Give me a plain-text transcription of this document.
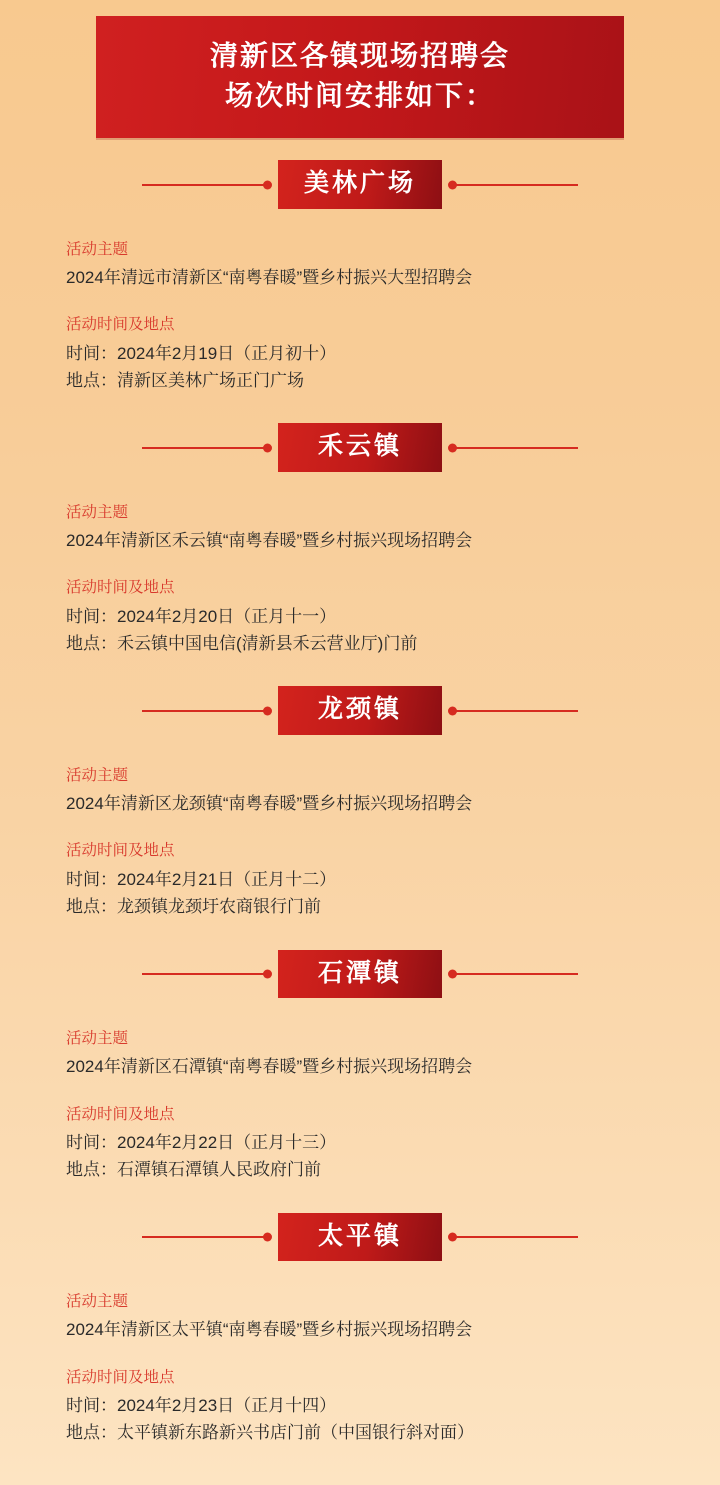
清新区各镇现场招聘会
场次时间安排如下：
美林广场
活动主题
2024年清远市清新区“南粤春暖”暨乡村振兴大型招聘会
活动时间及地点
时间：2024年2月19日（正月初十）
地点：清新区美林广场正门广场
禾云镇
活动主题
2024年清新区禾云镇“南粤春暖”暨乡村振兴现场招聘会
活动时间及地点
时间：2024年2月20日（正月十一）
地点：禾云镇中国电信(清新县禾云营业厅)门前
龙颈镇
活动主题
2024年清新区龙颈镇“南粤春暖”暨乡村振兴现场招聘会
活动时间及地点
时间：2024年2月21日（正月十二）
地点：龙颈镇龙颈圩农商银行门前
石潭镇
活动主题
2024年清新区石潭镇“南粤春暖”暨乡村振兴现场招聘会
活动时间及地点
时间：2024年2月22日（正月十三）
地点：石潭镇石潭镇人民政府门前
太平镇
活动主题
2024年清新区太平镇“南粤春暖”暨乡村振兴现场招聘会
活动时间及地点
时间：2024年2月23日（正月十四）
地点：太平镇新东路新兴书店门前（中国银行斜对面）
